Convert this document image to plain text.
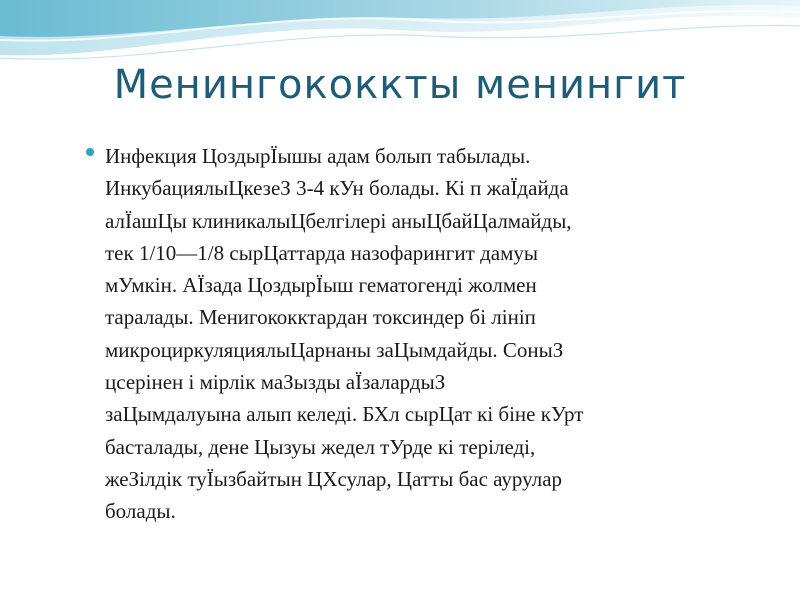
Менингококкты менингит
Инфекция ЦоздырЇышы адам болып табылады.
ИнкубациялыЦкезеЗ 3-4 кУн болады. Кі п жаЇдайда
алЇашЦы клиникалыЦбелгілері аныЦбайЦалмайды,
тек 1/10—1/8 сырЦаттарда назофарингит дамуы
мУмкін. АЇзада ЦоздырЇыш гематогенді жолмен
таралады. Менигококктардан токсиндер бі лініп
микроциркуляциялыЦарнаны заЦымдайды. СоныЗ
цсерінен і мірлік маЗызды аЇзалардыЗ
заЦымдалуына алып келеді. БХл сырЦат кі біне кУрт
басталады, дене Цызуы жедел тУрде кі теріледі,
жеЗілдік туЇызбайтын ЦХсулар, Цатты бас аурулар
болады.
